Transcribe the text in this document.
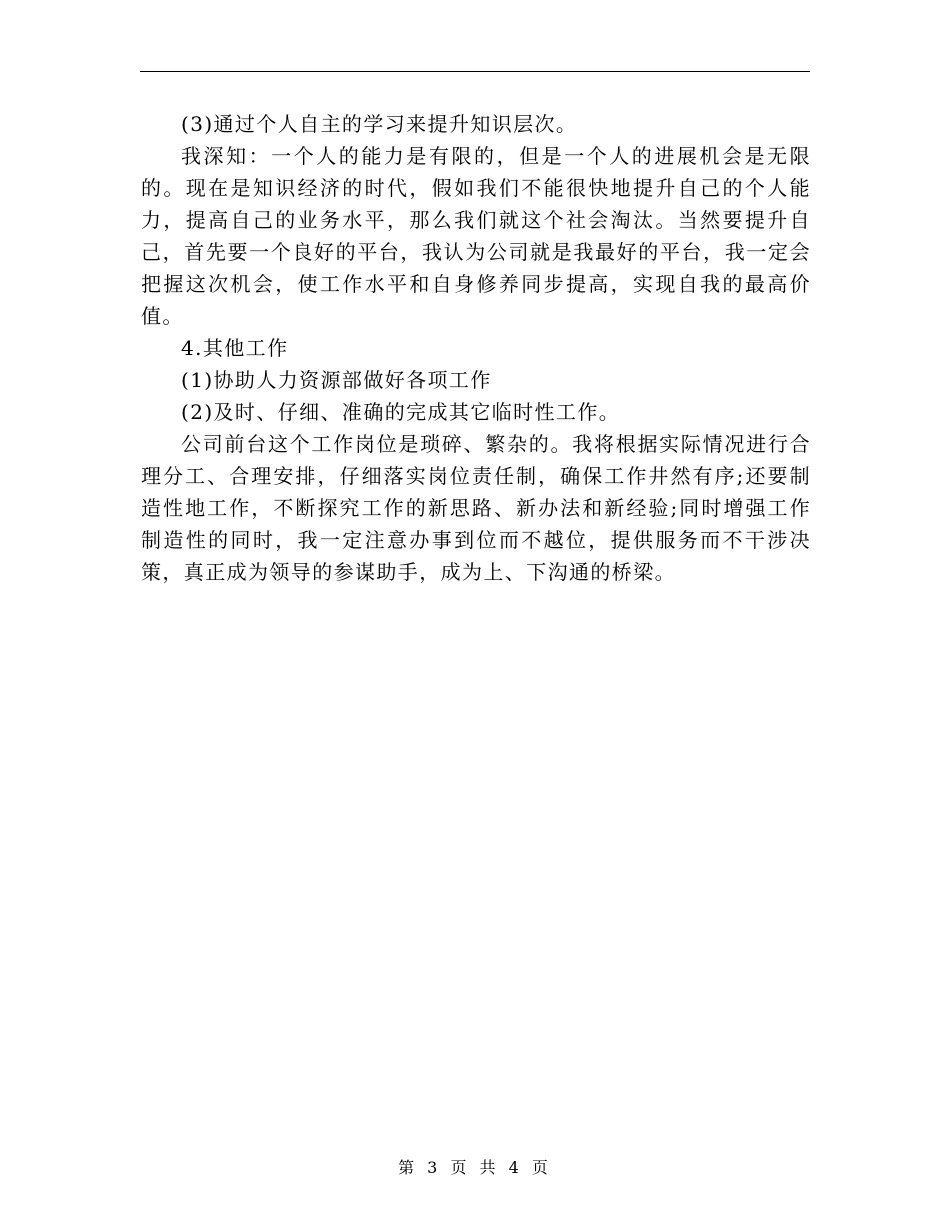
(3)通过个人自主的学习来提升知识层次。

我深知：一个人的能力是有限的，但是一个人的进展机会是无限的。现在是知识经济的时代，假如我们不能很快地提升自己的个人能力，提高自己的业务水平，那么我们就这个社会淘汰。当然要提升自己，首先要一个良好的平台，我认为公司就是我最好的平台，我一定会把握这次机会，使工作水平和自身修养同步提高，实现自我的最高价值。

4.其他工作

(1)协助人力资源部做好各项工作

(2)及时、仔细、准确的完成其它临时性工作。

公司前台这个工作岗位是琐碎、繁杂的。我将根据实际情况进行合理分工、合理安排，仔细落实岗位责任制，确保工作井然有序;还要制造性地工作，不断探究工作的新思路、新办法和新经验;同时增强工作制造性的同时，我一定注意办事到位而不越位，提供服务而不干涉决策，真正成为领导的参谋助手，成为上、下沟通的桥梁。

第 3 页 共 4 页
